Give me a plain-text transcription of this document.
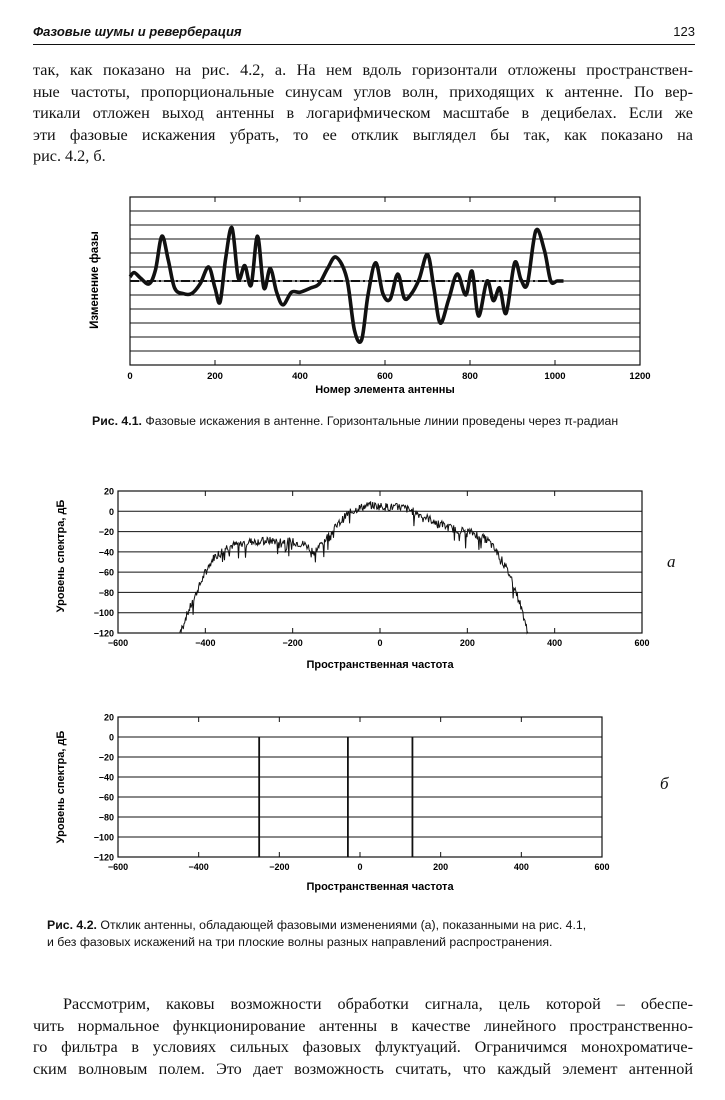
Фазовые шумы и реверберация	123
так, как показано на рис. 4.2, а. На нем вдоль горизонтали отложены пространствен-
ные частоты, пропорциональные синусам углов волн, приходящих к антенне. По вер-
тикали отложен выход антенны в логарифмическом масштабе в децибелах. Если же
эти фазовые искажения убрать, то ее отклик выглядел бы так, как показано на
рис. 4.2, б.
Изменение фазы
Номер элемента антенны
0	200	400	600	800	1000	1200
Рис. 4.1. Фазовые искажения в антенне. Горизонтальные линии проведены через π-радиан
Уровень спектра, дБ
Пространственная частота
−120
−100
−80
−60
−40
−20
0
20
−600	−400	−200	0	200	400	600
а
Уровень спектра, дБ
Пространственная частота
−120
−100
−80
−60
−40
−20
0
20
−600	−400	−200	0	200	400	600
б
Рис. 4.2. Отклик антенны, обладающей фазовыми изменениями (а), показанными на рис. 4.1,
и без фазовых искажений на три плоские волны разных направлений распространения.
Рассмотрим, каковы возможности обработки сигнала, цель которой – обеспе-
чить нормальное функционирование антенны в качестве линейного пространственно-
го фильтра в условиях сильных фазовых флуктуаций. Ограничимся монохроматиче-
ским волновым полем. Это дает возможность считать, что каждый элемент антенной
